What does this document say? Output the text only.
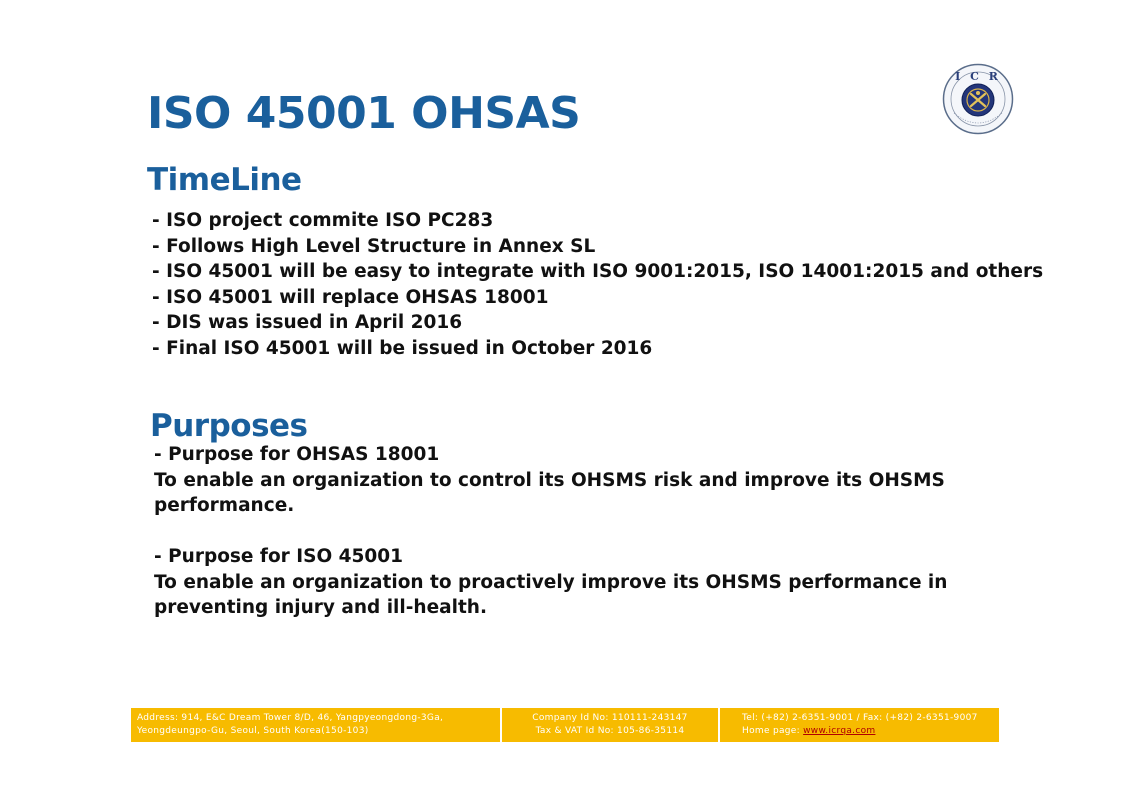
ISO 45001 OHSAS
I C R
TimeLine
- ISO project commite ISO PC283
- Follows High Level Structure in Annex SL
- ISO 45001 will be easy to integrate with ISO 9001:2015, ISO 14001:2015 and others
- ISO 45001 will replace OHSAS 18001
- DIS was issued in April 2016
- Final ISO 45001 will be issued in October 2016
Purposes
- Purpose for OHSAS 18001
To enable an organization to control its OHSMS risk and improve its OHSMS performance.
- Purpose for ISO 45001
To enable an organization to proactively improve its OHSMS performance in preventing injury and ill-health.
Address: 914, E&C Dream Tower 8/D, 46, Yangpyeongdong-3Ga,
Yeongdeungpo-Gu, Seoul, South Korea(150-103)
Company Id No: 110111-243147
Tax & VAT Id No: 105-86-35114
Tel: (+82) 2-6351-9001 / Fax: (+82) 2-6351-9007
Home page: www.icrqa.com
